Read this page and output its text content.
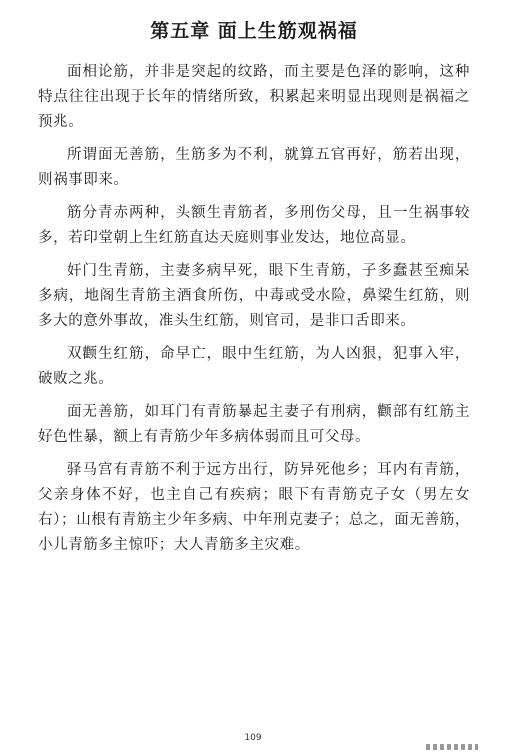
第五章 面上生筋观祸福

面相论筋，并非是突起的纹路，而主要是色泽的影响，这种特点往往出现于长年的情绪所致，积累起来明显出现则是祸福之预兆。

所谓面无善筋，生筋多为不利，就算五官再好，筋若出现，则祸事即来。

筋分青赤两种，头额生青筋者，多刑伤父母，且一生祸事较多，若印堂朝上生红筋直达天庭则事业发达，地位高显。

奸门生青筋，主妻多病早死，眼下生青筋，子多蠢甚至痴呆多病，地阁生青筋主酒食所伤，中毒或受水险，鼻梁生红筋，则多大的意外事故，准头生红筋，则官司，是非口舌即来。

双颧生红筋，命早亡，眼中生红筋，为人凶狠，犯事入牢，破败之兆。

面无善筋，如耳门有青筋暴起主妻子有刑病，颧部有红筋主好色性暴，额上有青筋少年多病体弱而且可父母。

驿马宫有青筋不利于远方出行，防异死他乡；耳内有青筋，父亲身体不好，也主自己有疾病；眼下有青筋克子女（男左女右）；山根有青筋主少年多病、中年刑克妻子；总之，面无善筋，小儿青筋多主惊吓；大人青筋多主灾难。

109
